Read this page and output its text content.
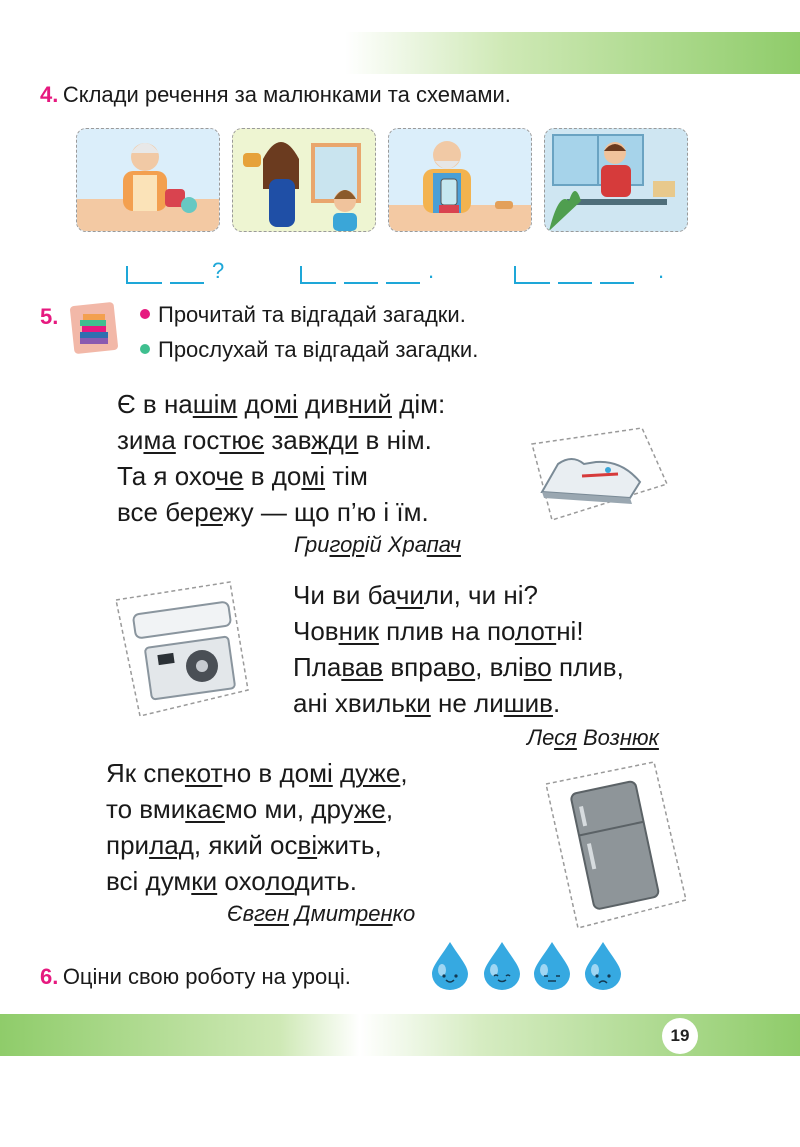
4. Склади речення за малюнками та схемами.
?	.	.
5.	Прочитай та відгадай загадки.
Прослухай та відгадай загадки.
Є в нашім домі дивний дім:
зима гостює завжди в нім.
Та я охоче в домі тім
все бережу — що п’ю і їм.
Григорій Храпач
Чи ви бачили, чи ні?
Човник плив на полотні!
Плавав вправо, вліво плив,
ані хвильки не лишив.
Леся Вознюк
Як спекотно в домі дуже,
то вмикаємо ми, друже,
прилад, який освіжить,
всі думки охолодить.
Євген Дмитренко
6. Оціни свою роботу на уроці.
19
